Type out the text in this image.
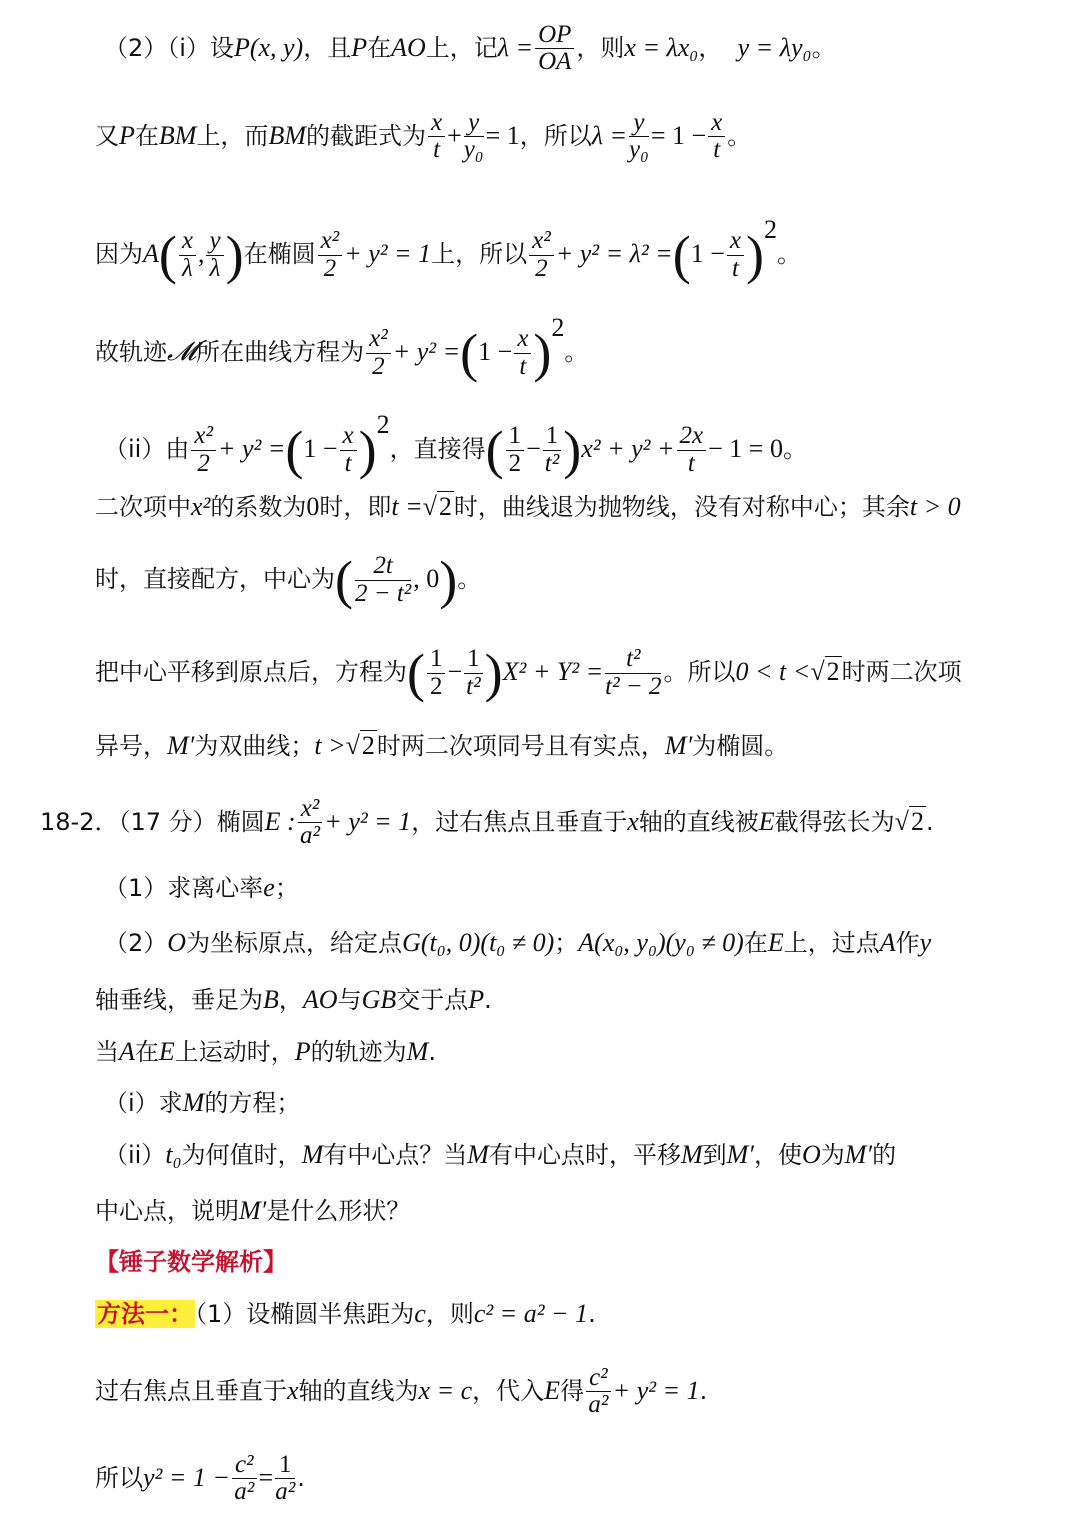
（2）（ⅰ）设P(x, y)，且P在AO上，记$\lambda = \frac{OP}{OA}$ ，则x = λx₀， y = λy₀。
又P在BM上，而BM的截距式为 $\frac{x}{t} + \frac{y}{\text{y₀}} = 1$，所以$\lambda = \frac{y}{\text{y₀}} = 1 - \frac{x}{t}$ 。
因为$A( \frac{x}{\lambda}$ , $\frac{y}{\lambda}$ )在椭圆 $\frac{\text{x²}}{2} + y^2 = 1$上，所以 $\frac{\text{x²}}{2} + y^2 = \lambda^2 =(1 - \frac{x}{t} )^2$。
故轨迹𝓜所在曲线方程为 $\frac{\text{x²}}{2} + y^2 =(1 - \frac{x}{t} )^2$。
（ⅰⅰ）由 $\frac{\text{x²}}{2} + y^2 =(1 - \frac{x}{t} )^2$，直接得( $\frac{1}{2} - \frac{1}{\text{t²}} )x^2 + y^2 + \frac{2x}{t} - 1 = 0$。
二次项中x²的系数为0时，即t =√2时，曲线退为抛物线，没有对称中心；其余t > 0
时，直接配方，中心为( $\frac{2t}{\text{2 − t²}}$ , 0)。
把中心平移到原点后，方程为( $\frac{1}{2} - \frac{1}{\text{t²}} )X^2 + Y^2 = \frac{\text{t²}}{\text{t² − 2}}$ 。所以0 < t <√2时两二次项
异号，M′为双曲线；t >√2时两二次项同号且有实点，M′为椭圆。
18-2．（17 分）椭圆E : $\frac{\text{x²}}{\text{a²}} + y^2 = 1$，过右焦点且垂直于x轴的直线被E截得弦长为√2.
（1）求离心率e；
（2）O为坐标原点，给定点G(t₀, 0)(t₀ ≠ 0)；A(x₀, y₀)(y₀ ≠ 0)在E上，过点A作y
轴垂线，垂足为B，AO与GB交于点P.
当A在E上运动时，P的轨迹为M.
（ⅰ）求M的方程；
（ⅰⅰ）t₀为何值时，M有中心点？当M有中心点时，平移M到M′，使O为M′的
中心点，说明M′是什么形状？
【锤子数学解析】
方法一：（1）设椭圆半焦距为c，则c² = a² − 1.
过右焦点且垂直于x轴的直线为x = c，代入E得 $\frac{\text{c²}}{\text{a²}} + y^2 = 1$.
所以$y^2 = 1 - \frac{\text{c²}}{\text{a²}} = \frac{1}{\text{a²}}$ .
